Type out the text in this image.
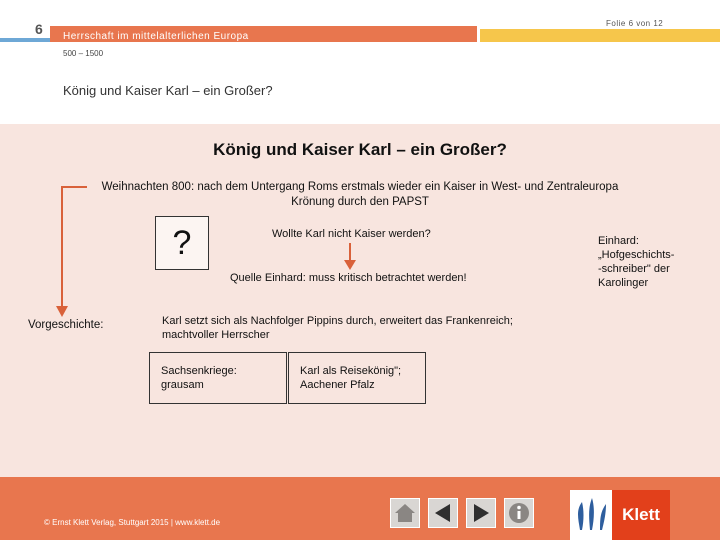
6 Herrschaft im mittelalterlichen Europa
Folie 6 von 12
500 – 1500
König und Kaiser Karl – ein Großer?
König und Kaiser Karl – ein Großer?
Weihnachten 800: nach dem Untergang Roms erstmals wieder ein Kaiser in West- und Zentraleuropa
Krönung durch den PAPST
?	Wollte Karl nicht Kaiser werden?
Quelle Einhard: muss kritisch betrachtet werden!
Vorgeschichte:	Karl setzt sich als Nachfolger Pippins durch, erweitert das Frankenreich;
machtvoller Herrscher
Sachsenkriege:
grausam
Karl als Reisekönig";
Aachener Pfalz
Einhard:
„Hofgeschichts-
-schreiber" der
Karolinger
© Ernst Klett Verlag, Stuttgart 2015 | www.klett.de	Klett
